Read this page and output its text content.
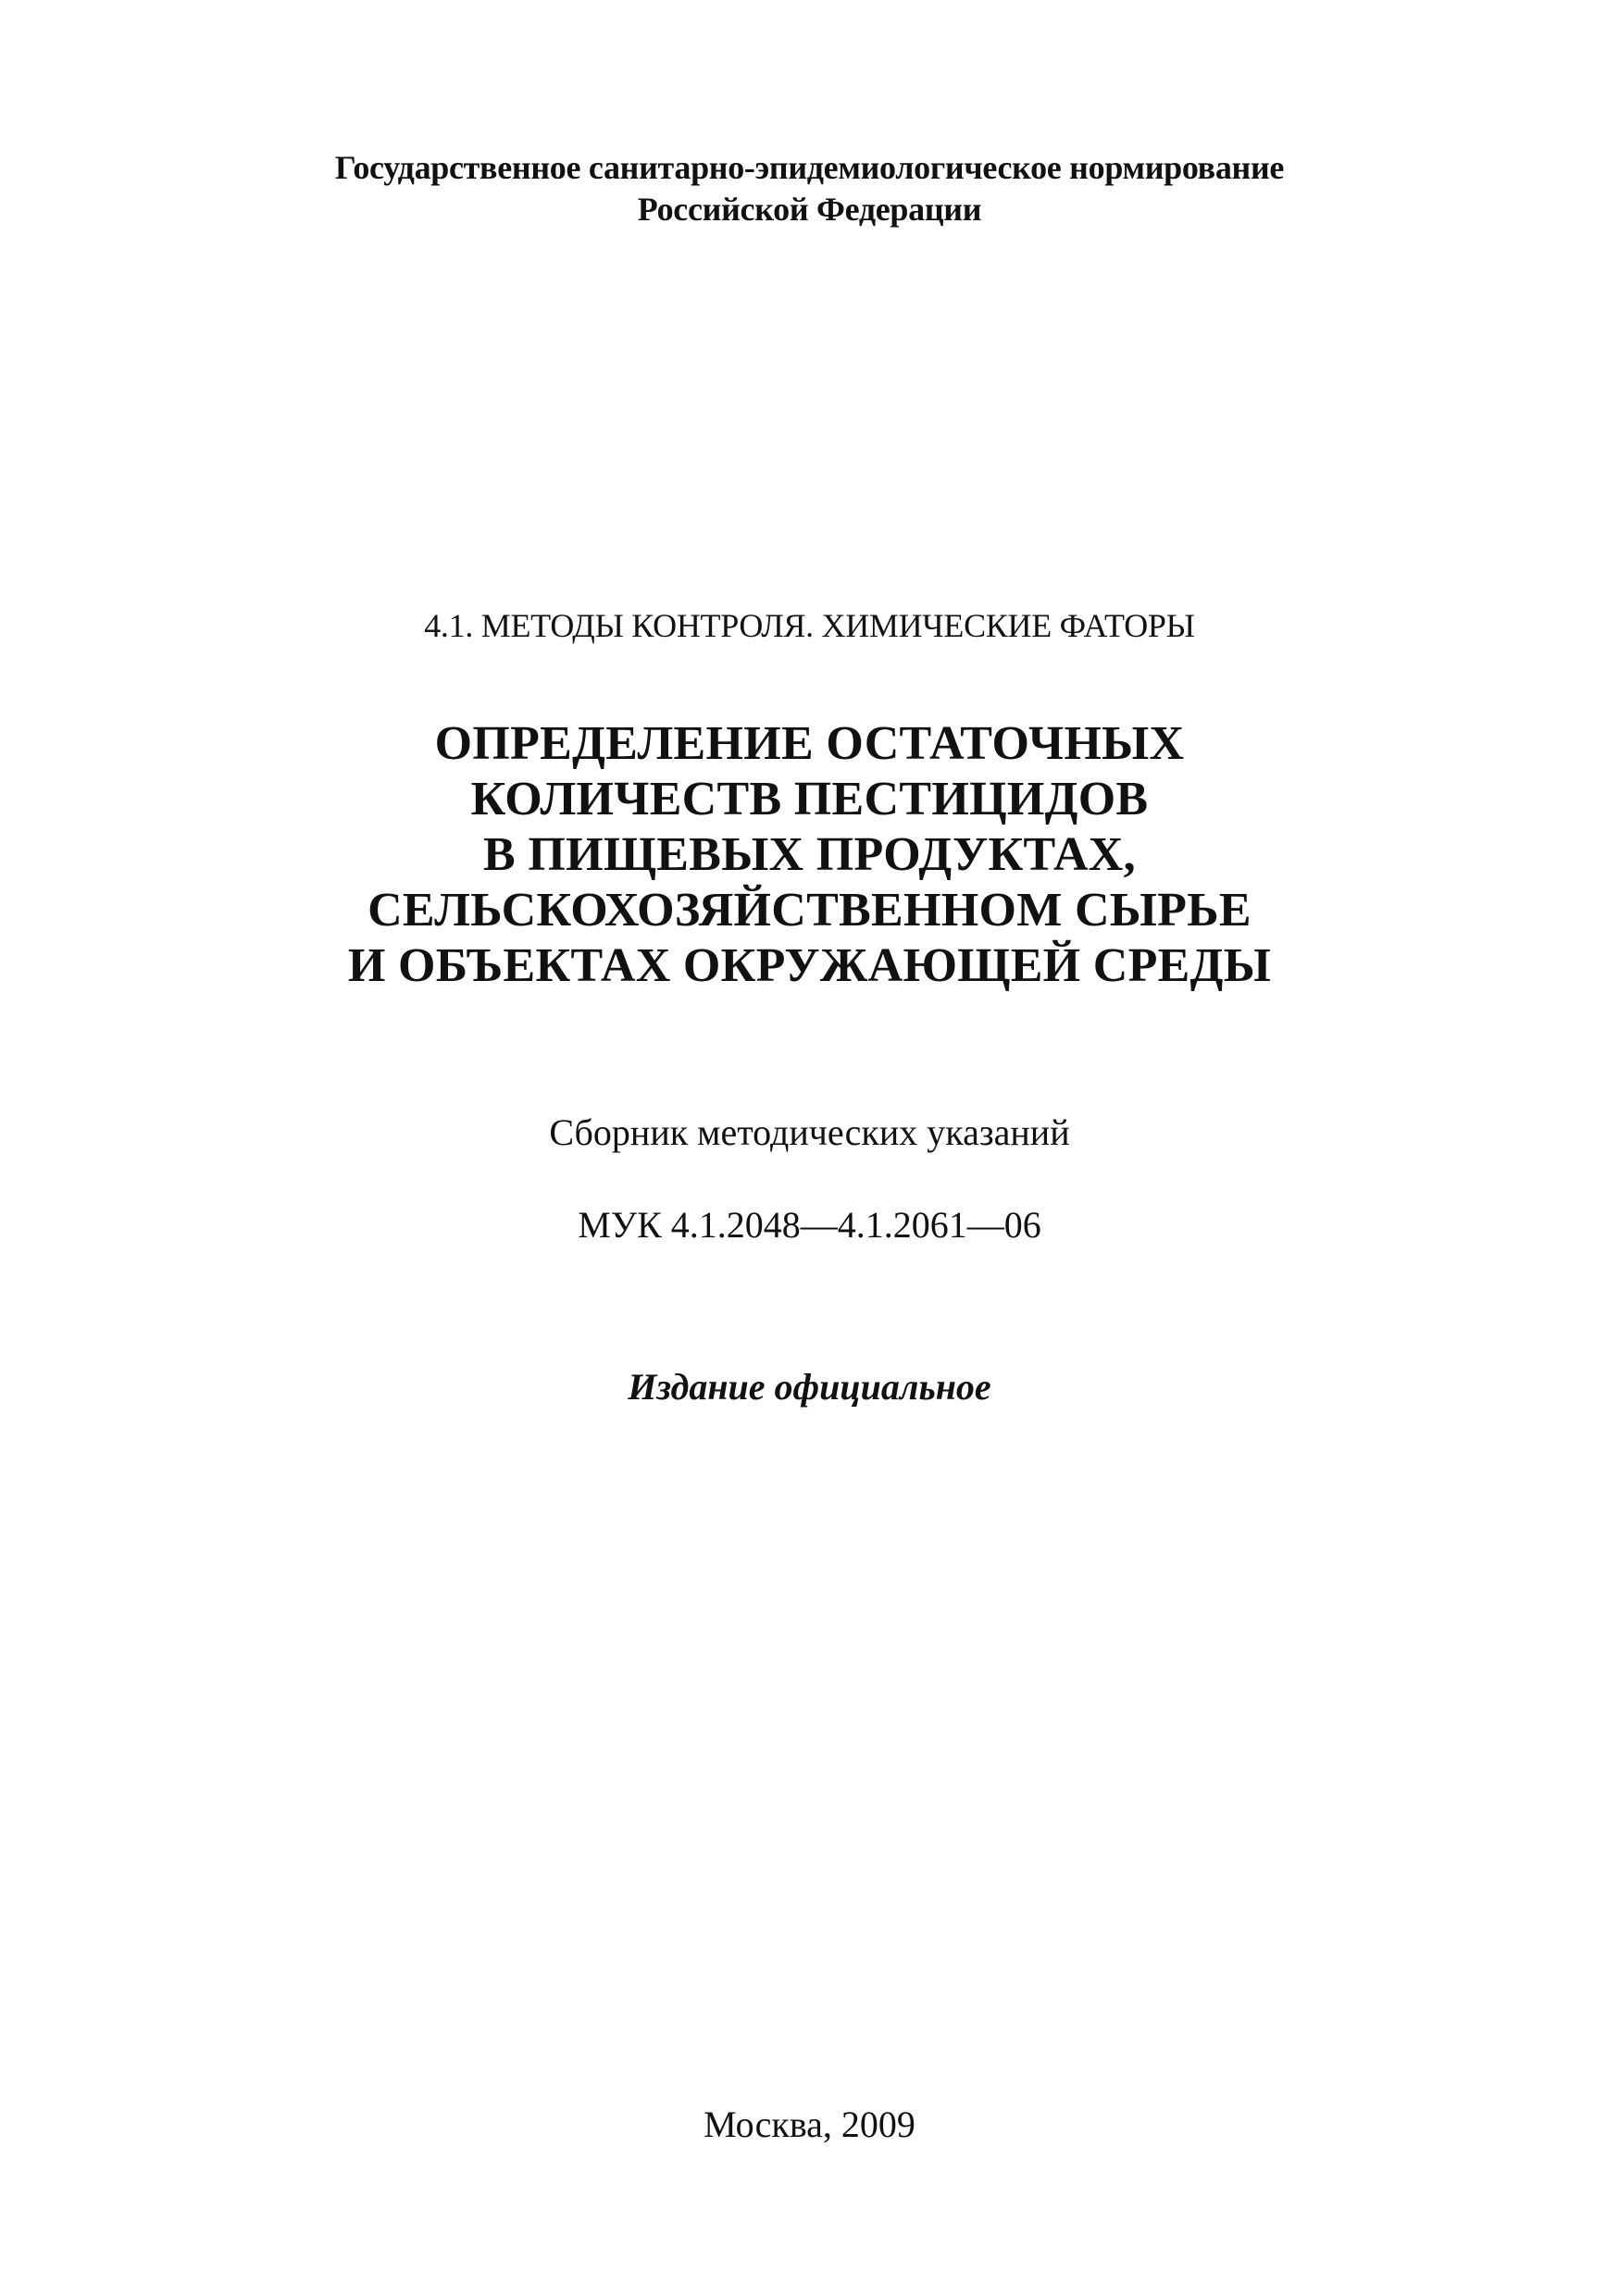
Государственное санитарно-эпидемиологическое нормирование
Российской Федерации
4.1. МЕТОДЫ КОНТРОЛЯ. ХИМИЧЕСКИЕ ФАТОРЫ
ОПРЕДЕЛЕНИЕ ОСТАТОЧНЫХ
КОЛИЧЕСТВ ПЕСТИЦИДОВ
В ПИЩЕВЫХ ПРОДУКТАХ,
СЕЛЬСКОХОЗЯЙСТВЕННОМ СЫРЬЕ
И ОБЪЕКТАХ ОКРУЖАЮЩЕЙ СРЕДЫ
Сборник методических указаний
МУК 4.1.2048—4.1.2061—06
Издание официальное
Москва, 2009
